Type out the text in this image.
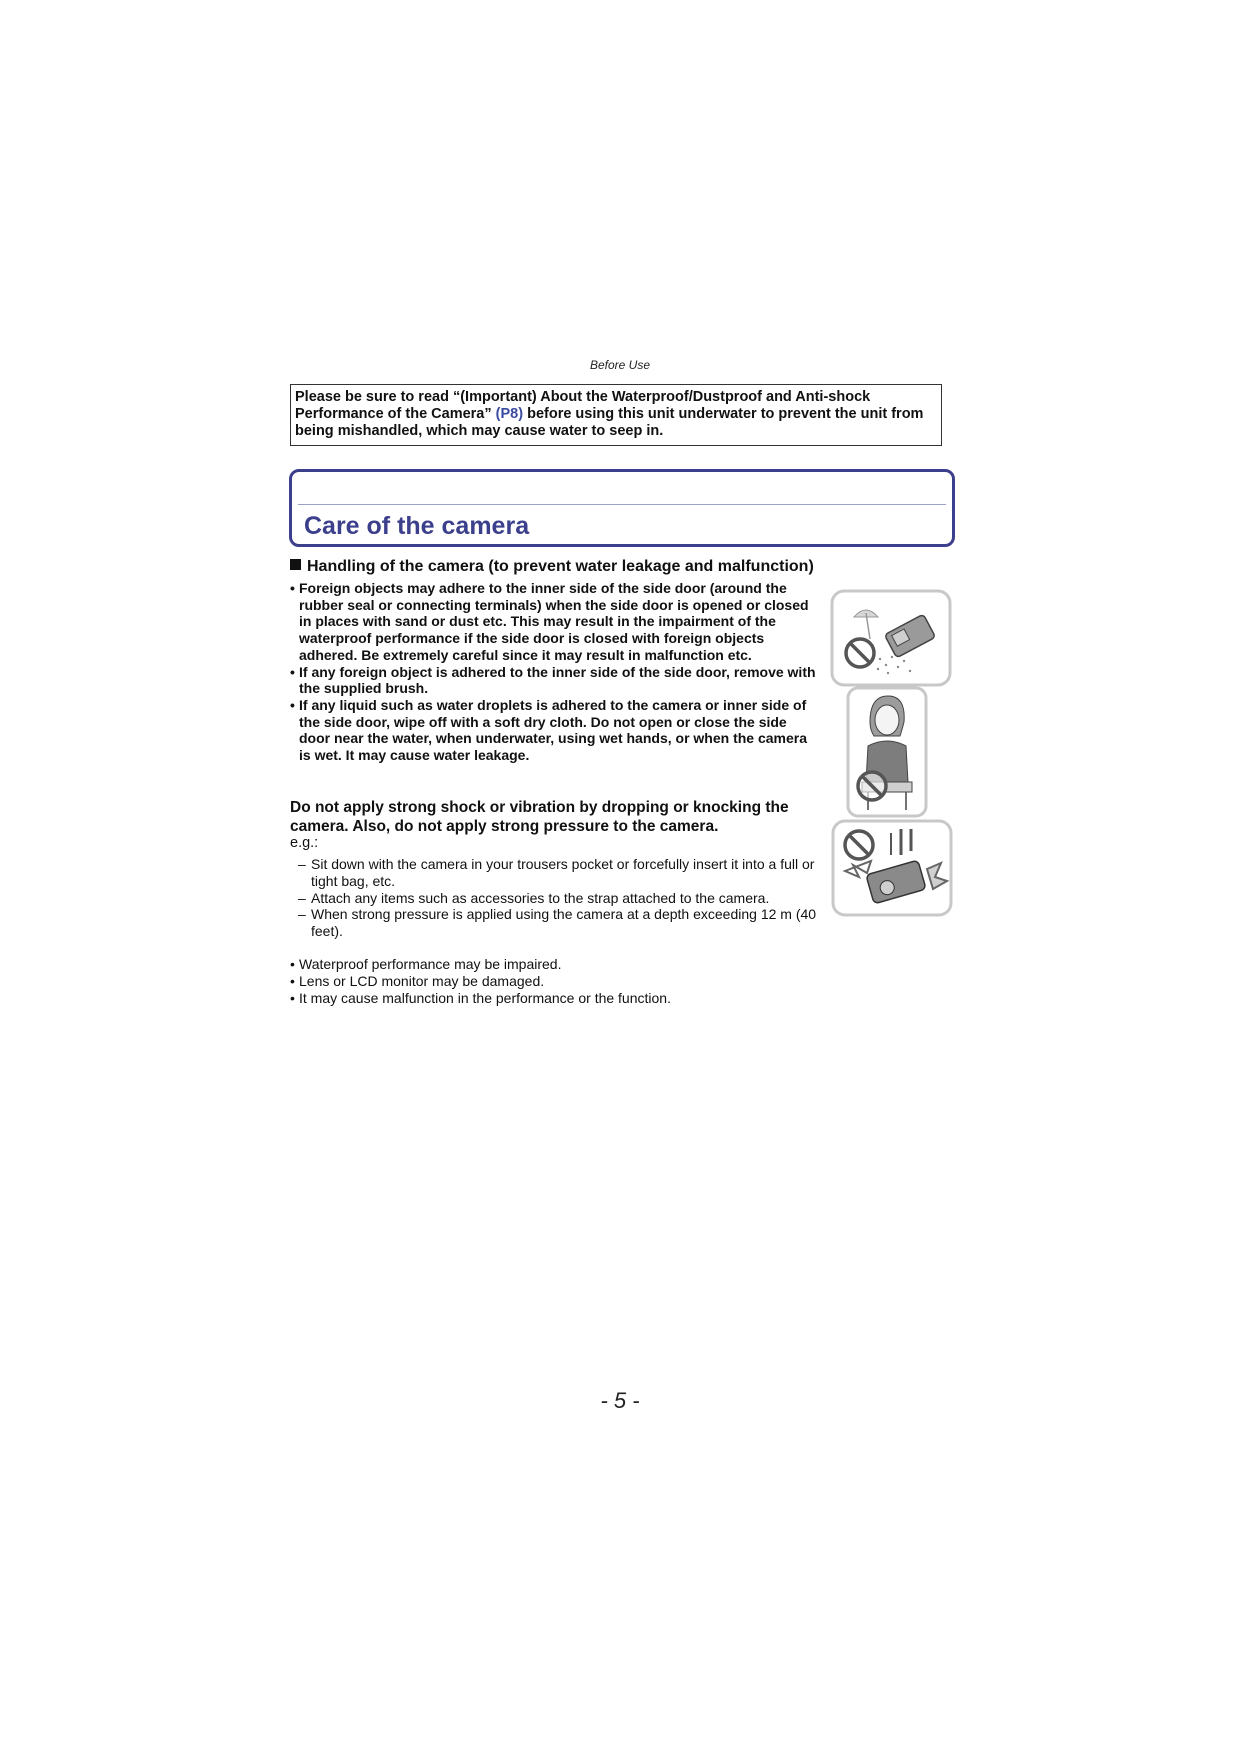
Before Use
Please be sure to read “(Important) About the Waterproof/Dustproof and Anti-shock Performance of the Camera” (P8) before using this unit underwater to prevent the unit from being mishandled, which may cause water to seep in.
Care of the camera
Handling of the camera (to prevent water leakage and malfunction)
• Foreign objects may adhere to the inner side of the side door (around the rubber seal or connecting terminals) when the side door is opened or closed in places with sand or dust etc. This may result in the impairment of the waterproof performance if the side door is closed with foreign objects adhered. Be extremely careful since it may result in malfunction etc.
• If any foreign object is adhered to the inner side of the side door, remove with the supplied brush.
• If any liquid such as water droplets is adhered to the camera or inner side of the side door, wipe off with a soft dry cloth. Do not open or close the side door near the water, when underwater, using wet hands, or when the camera is wet. It may cause water leakage.
Do not apply strong shock or vibration by dropping or knocking the camera. Also, do not apply strong pressure to the camera.
e.g.:
– Sit down with the camera in your trousers pocket or forcefully insert it into a full or tight bag, etc.
– Attach any items such as accessories to the strap attached to the camera.
– When strong pressure is applied using the camera at a depth exceeding 12 m (40 feet).
• Waterproof performance may be impaired.
• Lens or LCD monitor may be damaged.
• It may cause malfunction in the performance or the function.
- 5 -
